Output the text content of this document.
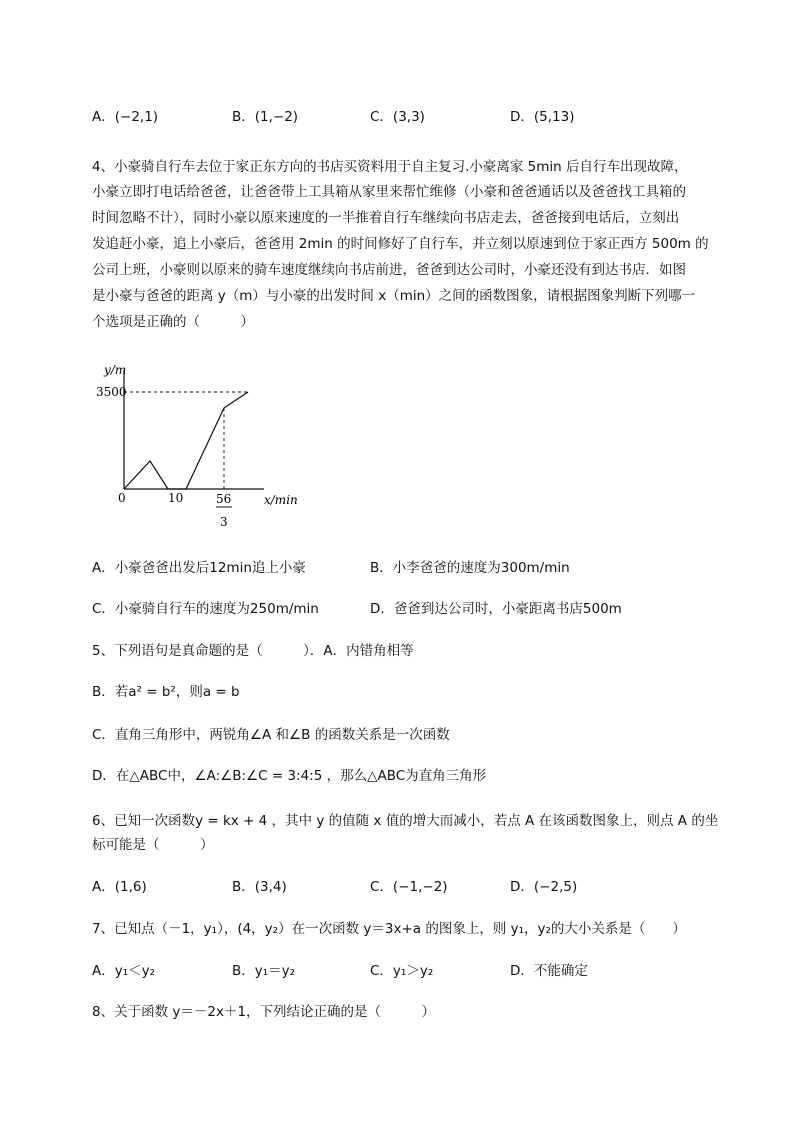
A．(−2,1)	B．(1,−2)	C．(3,3)	D．(5,13)
4、小豪骑自行车去位于家正东方向的书店买资料用于自主复习.小豪离家 5min 后自行车出现故障，
小豪立即打电话给爸爸，让爸爸带上工具箱从家里来帮忙维修（小豪和爸爸通话以及爸爸找工具箱的
时间忽略不计），同时小豪以原来速度的一半推着自行车继续向书店走去，爸爸接到电话后，立刻出
发追赶小豪，追上小豪后，爸爸用 2min 的时间修好了自行车，并立刻以原速到位于家正西方 500m 的
公司上班，小豪则以原来的骑车速度继续向书店前进，爸爸到达公司时，小豪还没有到达书店．如图
是小豪与爸爸的距离 y（m）与小豪的出发时间 x（min）之间的函数图象，请根据图象判断下列哪一
个选项是正确的（　　　）
y/m
3500
0	10	56
3
x/min
A．小豪爸爸出发后12min追上小豪	B．小李爸爸的速度为300m/min
C．小豪骑自行车的速度为250m/min	D．爸爸到达公司时，小豪距离书店500m
5、下列语句是真命题的是（　　　）．A．内错角相等
B．若a² = b²，则a = b
C．直角三角形中，两锐角∠A 和∠B 的函数关系是一次函数
D．在△ABC中，∠A:∠B:∠C = 3:4:5 ，那么△ABC为直角三角形
6、已知一次函数y = kx + 4 ，其中 y 的值随 x 值的增大而减小，若点 A 在该函数图象上，则点 A 的坐
标可能是（　　　）
A．(1,6)	B．(3,4)	C．(−1,−2)	D．(−2,5)
7、已知点（－1，y₁），(4，y₂）在一次函数 y＝3x+a 的图象上，则 y₁，y₂的大小关系是（　　）
A．y₁＜y₂	B．y₁＝y₂	C．y₁＞y₂	D．不能确定
8、关于函数 y＝－2x＋1，下列结论正确的是（　　　）
